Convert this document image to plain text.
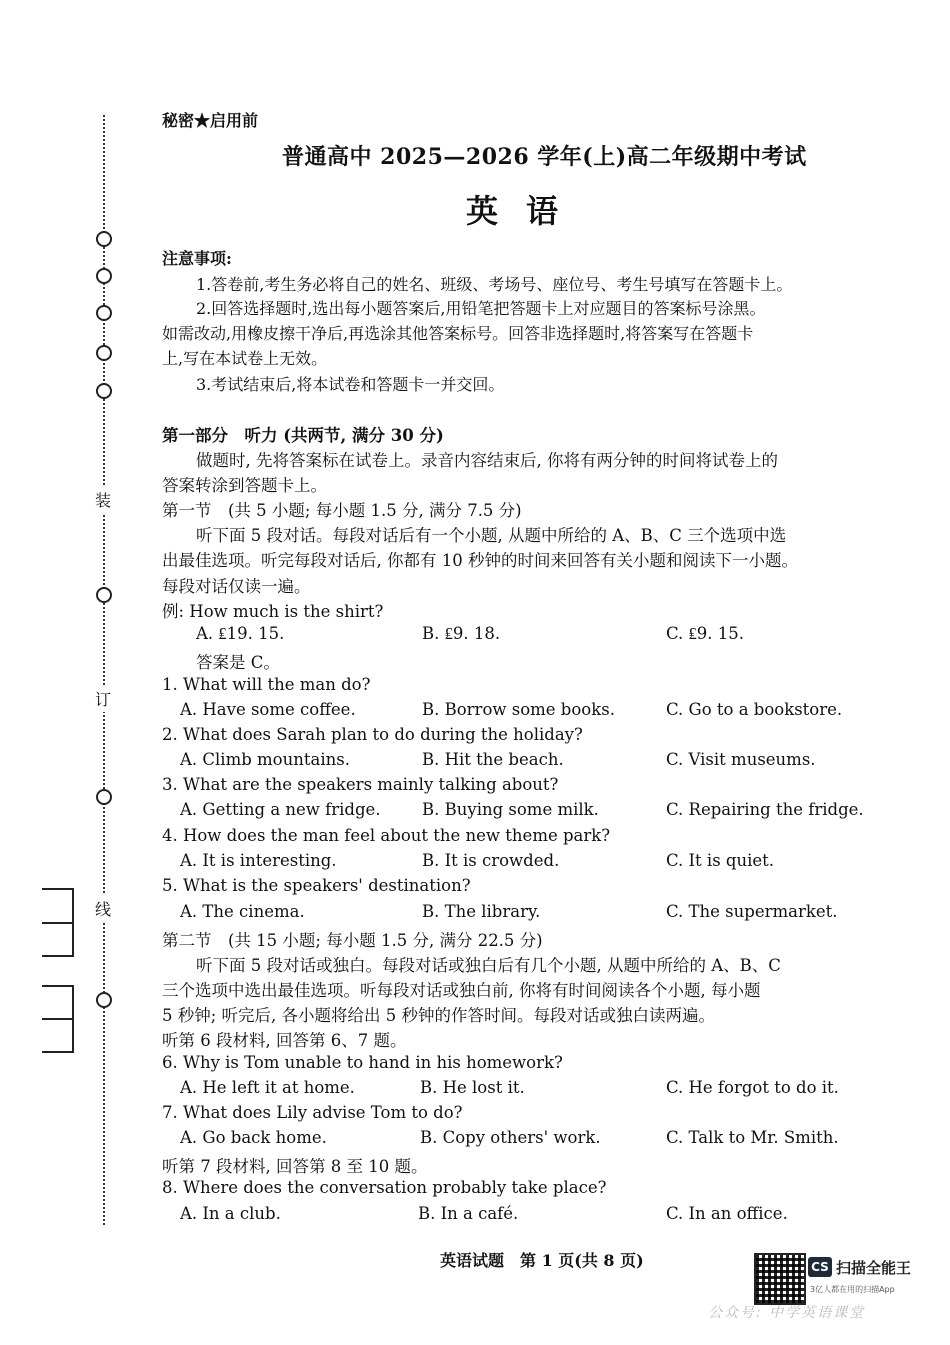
装
订
线
秘密★启用前
普通高中 2025—2026 学年(上)高二年级期中考试
英语
注意事项:
1.答卷前,考生务必将自己的姓名、班级、考场号、座位号、考生号填写在答题卡上。
2.回答选择题时,选出每小题答案后,用铅笔把答题卡上对应题目的答案标号涂黑。
如需改动,用橡皮擦干净后,再选涂其他答案标号。回答非选择题时,将答案写在答题卡
上,写在本试卷上无效。
3.考试结束后,将本试卷和答题卡一并交回。
第一部分　听力 (共两节, 满分 30 分)
做题时, 先将答案标在试卷上。录音内容结束后, 你将有两分钟的时间将试卷上的
答案转涂到答题卡上。
第一节　(共 5 小题; 每小题 1.5 分, 满分 7.5 分)
听下面 5 段对话。每段对话后有一个小题, 从题中所给的 A、B、C 三个选项中选
出最佳选项。听完每段对话后, 你都有 10 秒钟的时间来回答有关小题和阅读下一小题。
每段对话仅读一遍。
例: How much is the shirt?
A. ₤19. 15.	B. ₤9. 18.	C. ₤9. 15.
答案是 C。
1. What will the man do?
A. Have some coffee.	B. Borrow some books.	C. Go to a bookstore.
2. What does Sarah plan to do during the holiday?
A. Climb mountains.	B. Hit the beach.	C. Visit museums.
3. What are the speakers mainly talking about?
A. Getting a new fridge.	B. Buying some milk.	C. Repairing the fridge.
4. How does the man feel about the new theme park?
A. It is interesting.	B. It is crowded.	C. It is quiet.
5. What is the speakers' destination?
A. The cinema.	B. The library.	C. The supermarket.
第二节　(共 15 小题; 每小题 1.5 分, 满分 22.5 分)
听下面 5 段对话或独白。每段对话或独白后有几个小题, 从题中所给的 A、B、C
三个选项中选出最佳选项。听每段对话或独白前, 你将有时间阅读各个小题, 每小题
5 秒钟; 听完后, 各小题将给出 5 秒钟的作答时间。每段对话或独白读两遍。
听第 6 段材料, 回答第 6、7 题。
6. Why is Tom unable to hand in his homework?
A. He left it at home.	B. He lost it.	C. He forgot to do it.
7. What does Lily advise Tom to do?
A. Go back home.	B. Copy others' work.	C. Talk to Mr. Smith.
听第 7 段材料, 回答第 8 至 10 题。
8. Where does the conversation probably take place?
A. In a club.	B. In a café.	C. In an office.
英语试题　第 1 页(共 8 页)	CS 扫描全能王
3亿人都在用的扫描App
公众号: 中学英语课堂
